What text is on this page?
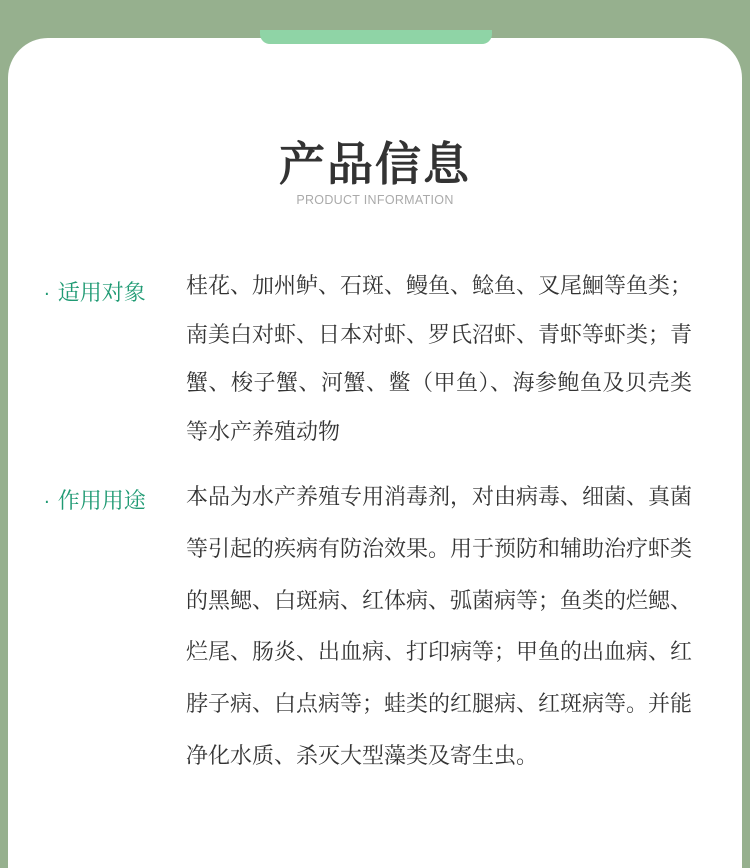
产品信息
PRODUCT INFORMATION
· 适用对象 桂花、加州鲈、石斑、鳗鱼、鲶鱼、叉尾鮰等鱼类；南美白对虾、日本对虾、罗氏沼虾、青虾等虾类；青蟹、梭子蟹、河蟹、鳖（甲鱼）、海参鲍鱼及贝壳类等水产养殖动物
· 作用用途 本品为水产养殖专用消毒剂，对由病毒、细菌、真菌等引起的疾病有防治效果。用于预防和辅助治疗虾类的黑鳃、白斑病、红体病、弧菌病等；鱼类的烂鳃、烂尾、肠炎、出血病、打印病等；甲鱼的出血病、红脖子病、白点病等；蛙类的红腿病、红斑病等。并能净化水质、杀灭大型藻类及寄生虫。
